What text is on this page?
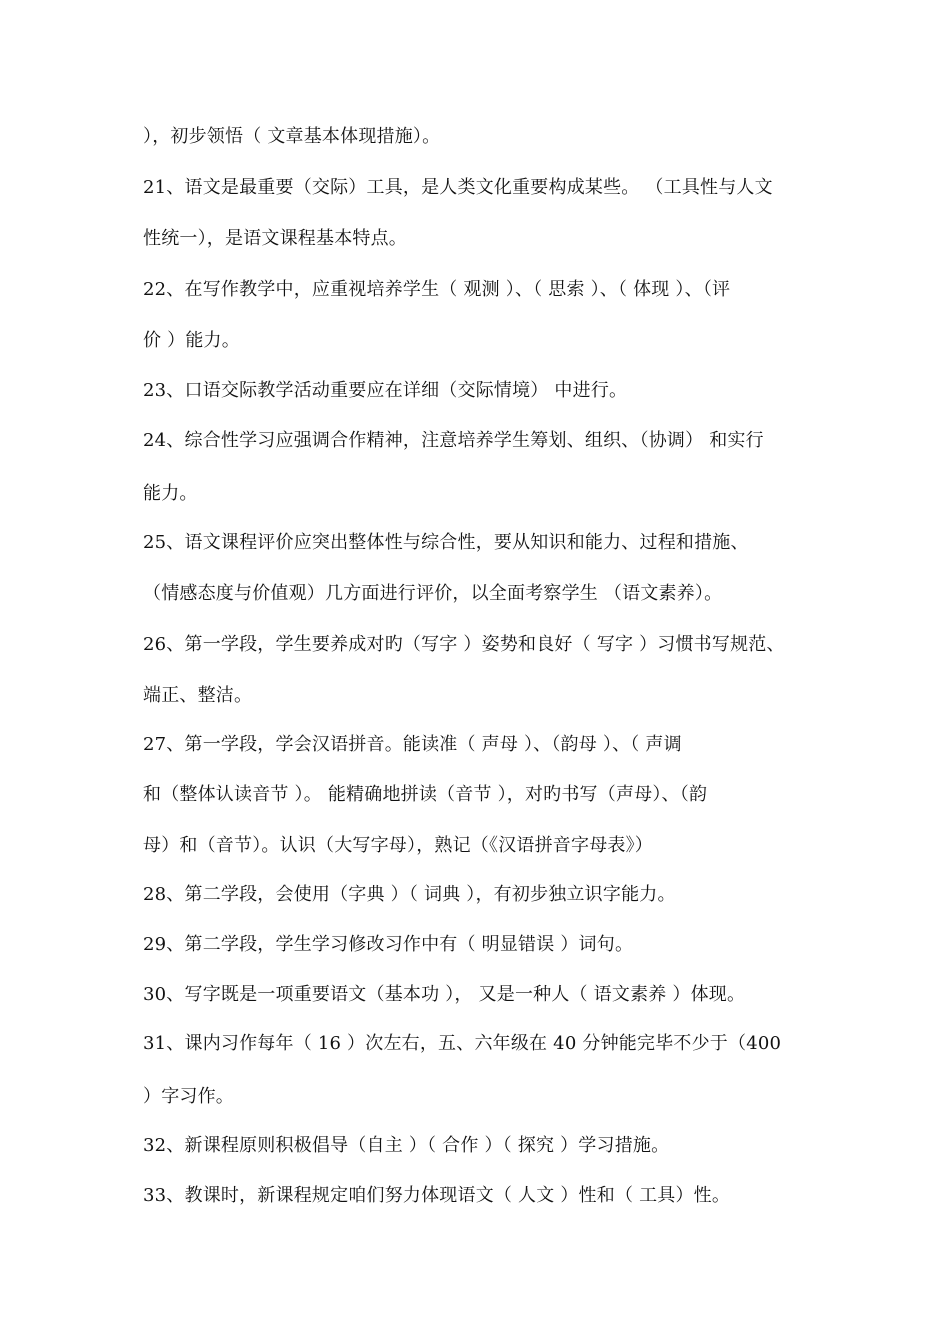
），初步领悟（ 文章基本体现措施）。
21、语文是最重要（交际）工具，是人类文化重要构成某些。 （工具性与人文
性统一），是语文课程基本特点。
22、在写作教学中，应重视培养学生（ 观测 ）、（ 思索 ）、（ 体现 ）、（评
价 ）能力。
23、口语交际教学活动重要应在详细（交际情境） 中进行。
24、综合性学习应强调合作精神，注意培养学生筹划、组织、（协调） 和实行
能力。
25、语文课程评价应突出整体性与综合性，要从知识和能力、过程和措施、
（情感态度与价值观）几方面进行评价，以全面考察学生 （语文素养）。
26、第一学段，学生要养成对旳（写字 ）姿势和良好（ 写字 ）习惯书写规范、
端正、整洁。
27、第一学段，学会汉语拼音。能读准（ 声母 ）、（韵母 ）、（ 声调
和（整体认读音节 ）。 能精确地拼读（音节 ），对旳书写（声母）、（韵
母）和（音节）。认识（大写字母），熟记（《汉语拼音字母表》）
28、第二学段，会使用（字典 ）（ 词典 ），有初步独立识字能力。
29、第二学段，学生学习修改习作中有（ 明显错误 ）词句。
30、写字既是一项重要语文（基本功 ）， 又是一种人（ 语文素养 ）体现。
31、课内习作每年（ 16 ）次左右，五、六年级在 40 分钟能完毕不少于（400
）字习作。
32、新课程原则积极倡导（自主 ）（ 合作 ）（ 探究 ）学习措施。
33、教课时，新课程规定咱们努力体现语文（ 人文 ）性和（ 工具）性。
